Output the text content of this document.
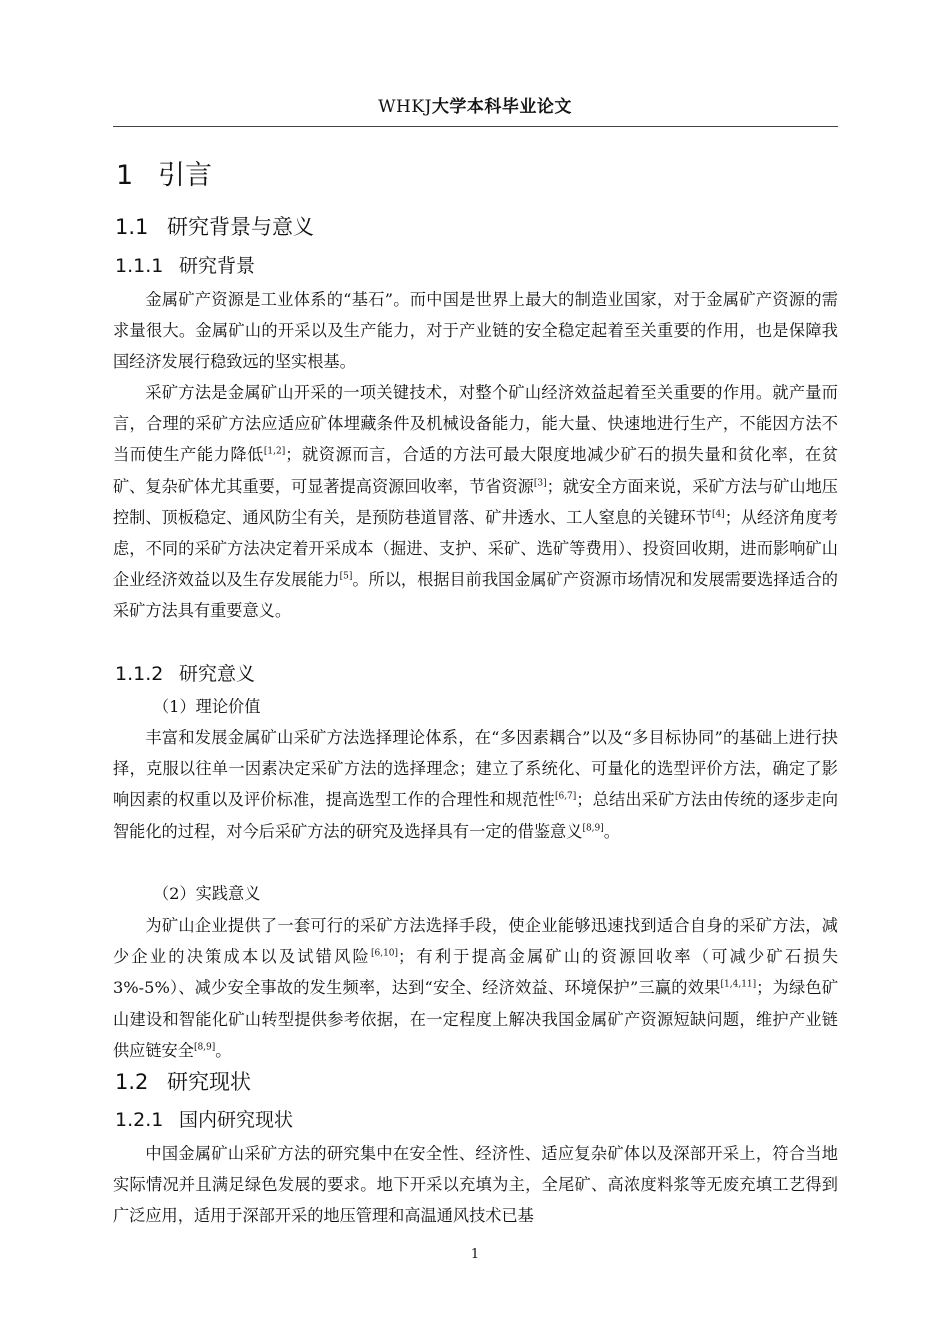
WHKJ大学本科毕业论文
1 引言
1.1 研究背景与意义
1.1.1 研究背景

金属矿产资源是工业体系的“基石”。而中国是世界上最大的制造业国家，对于金属矿产资源的需求量很大。金属矿山的开采以及生产能力，对于产业链的安全稳定起着至关重要的作用，也是保障我国经济发展行稳致远的坚实根基。

采矿方法是金属矿山开采的一项关键技术，对整个矿山经济效益起着至关重要的作用。就产量而言，合理的采矿方法应适应矿体埋藏条件及机械设备能力，能大量、快速地进行生产，不能因方法不当而使生产能力降低[1,2]；就资源而言，合适的方法可最大限度地减少矿石的损失量和贫化率，在贫矿、复杂矿体尤其重要，可显著提高资源回收率，节省资源[3]；就安全方面来说，采矿方法与矿山地压控制、顶板稳定、通风防尘有关，是预防巷道冒落、矿井透水、工人窒息的关键环节[4]；从经济角度考虑，不同的采矿方法决定着开采成本（掘进、支护、采矿、选矿等费用）、投资回收期，进而影响矿山企业经济效益以及生存发展能力[5]。所以，根据目前我国金属矿产资源市场情况和发展需要选择适合的采矿方法具有重要意义。

1.1.2 研究意义
（1）理论价值

丰富和发展金属矿山采矿方法选择理论体系，在“多因素耦合”以及“多目标协同”的基础上进行抉择，克服以往单一因素决定采矿方法的选择理念；建立了系统化、可量化的选型评价方法，确定了影响因素的权重以及评价标准，提高选型工作的合理性和规范性[6,7]；总结出采矿方法由传统的逐步走向智能化的过程，对今后采矿方法的研究及选择具有一定的借鉴意义[8,9]。

（2）实践意义

为矿山企业提供了一套可行的采矿方法选择手段，使企业能够迅速找到适合自身的采矿方法，减少企业的决策成本以及试错风险[6,10]；有利于提高金属矿山的资源回收率（可减少矿石损失 3%-5%）、减少安全事故的发生频率，达到“安全、经济效益、环境保护”三赢的效果[1,4,11]；为绿色矿山建设和智能化矿山转型提供参考依据，在一定程度上解决我国金属矿产资源短缺问题，维护产业链供应链安全[8,9]。

1.2 研究现状
1.2.1 国内研究现状

中国金属矿山采矿方法的研究集中在安全性、经济性、适应复杂矿体以及深部开采上，符合当地实际情况并且满足绿色发展的要求。地下开采以充填为主，全尾矿、高浓度料浆等无废充填工艺得到广泛应用，适用于深部开采的地压管理和高温通风技术已基

1
